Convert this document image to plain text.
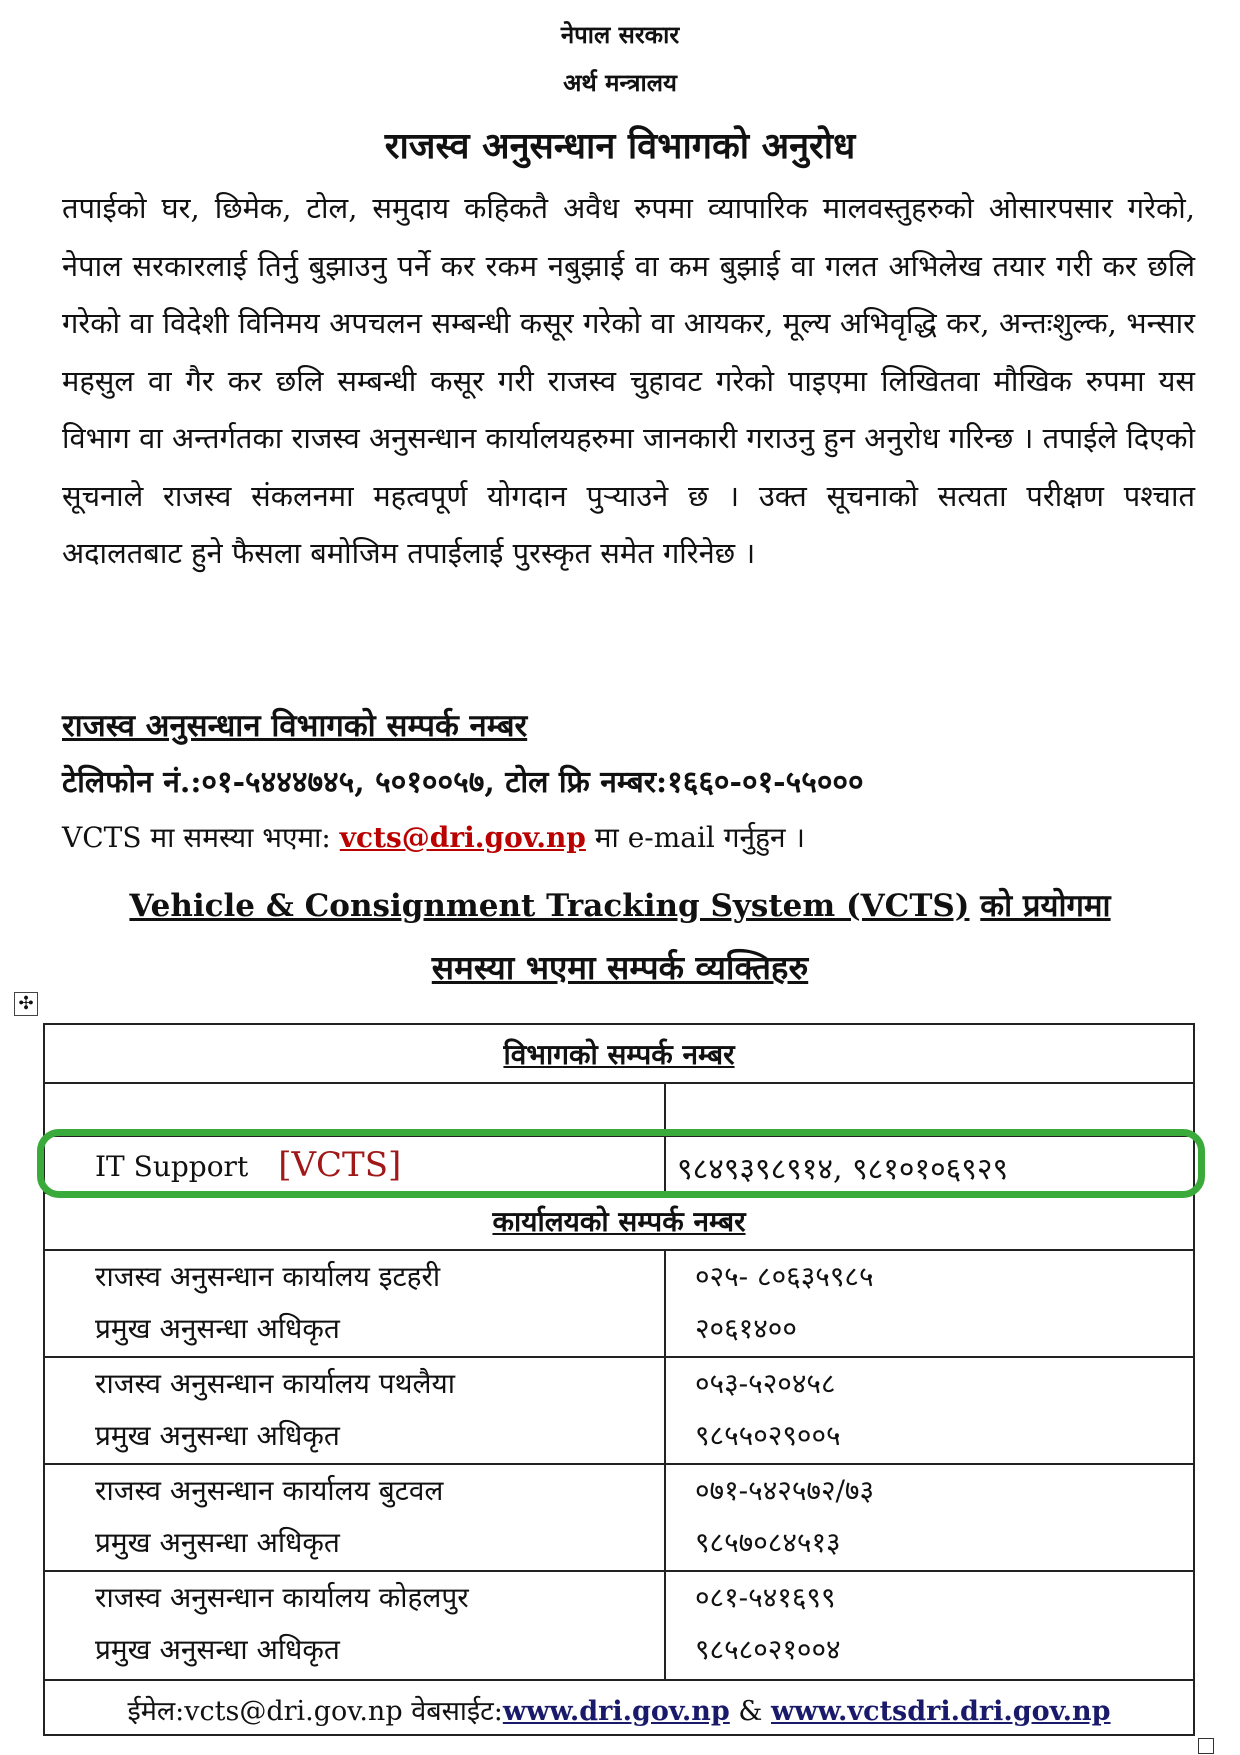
नेपाल सरकार
अर्थ मन्त्रालय
राजस्व अनुसन्धान विभागको अनुरोध
तपाईको घर, छिमेक, टोल, समुदाय कहिकतै अवैध रुपमा व्यापारिक मालवस्तुहरुको ओसारपसार गरेको, नेपाल सरकारलाई तिर्नु बुझाउनु पर्ने कर रकम नबुझाई वा कम बुझाई वा गलत अभिलेख तयार गरी कर छलि गरेको वा विदेशी विनिमय अपचलन सम्बन्धी कसूर गरेको वा आयकर, मूल्य अभिवृद्धि कर, अन्तःशुल्क, भन्सार महसुल वा गैर कर छलि सम्बन्धी कसूर गरी राजस्व चुहावट गरेको पाइएमा लिखितवा मौखिक रुपमा यस विभाग वा अन्तर्गतका राजस्व अनुसन्धान कार्यालयहरुमा जानकारी गराउनु हुन अनुरोध गरिन्छ । तपाईले दिएको सूचनाले राजस्व संकलनमा महत्वपूर्ण योगदान पुऱ्याउने छ । उक्त सूचनाको सत्यता परीक्षण पश्चात अदालतबाट हुने फैसला बमोजिम तपाईलाई पुरस्कृत समेत गरिनेछ ।
राजस्व अनुसन्धान विभागको सम्पर्क नम्बर
टेलिफोन नं.:०१-५४४४७४५, ५०१००५७, टोल फ्रि नम्बर:१६६०-०१-५५०००
VCTS मा समस्या भएमा: vcts@dri.gov.np मा e-mail गर्नुहुन ।
Vehicle & Consignment Tracking System (VCTS) को प्रयोगमा
समस्या भएमा सम्पर्क व्यक्तिहरु
✣
विभागको सम्पर्क नम्बर
IT Support [VCTS]	९८४९३९८९१४, ९८१०१०६९२९
कार्यालयको सम्पर्क नम्बर
राजस्व अनुसन्धान कार्यालय इटहरी
प्रमुख अनुसन्धा अधिकृत
०२५- ८०६३५९८५
२०६१४००
राजस्व अनुसन्धान कार्यालय पथलैया
प्रमुख अनुसन्धा अधिकृत
०५३-५२०४५८
९८५५०२९००५
राजस्व अनुसन्धान कार्यालय बुटवल
प्रमुख अनुसन्धा अधिकृत
०७१-५४२५७२/७३
९८५७०८४५१३
राजस्व अनुसन्धान कार्यालय कोहलपुर
प्रमुख अनुसन्धा अधिकृत
०८१-५४१६९९
९८५८०२१००४
ईमेल:vcts@dri.gov.np वेबसाईट:www.dri.gov.np & www.vctsdri.dri.gov.np
